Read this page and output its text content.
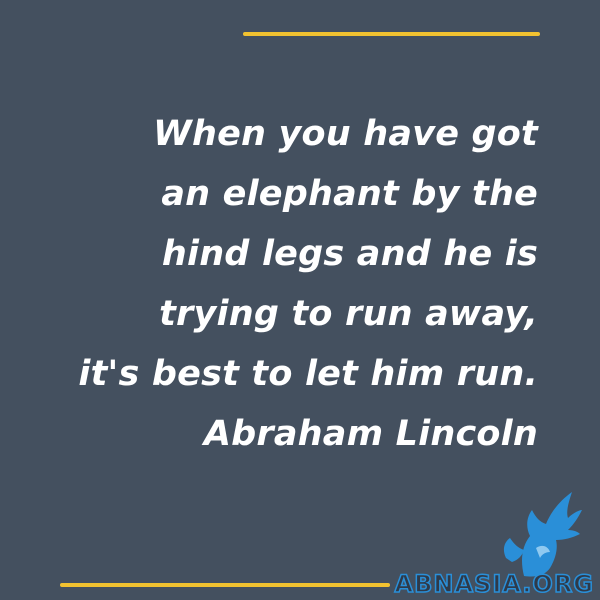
When you have got
an elephant by the
hind legs and he is
trying to run away,
it's best to let him run.
Abraham Lincoln

ABNASIA.ORG
